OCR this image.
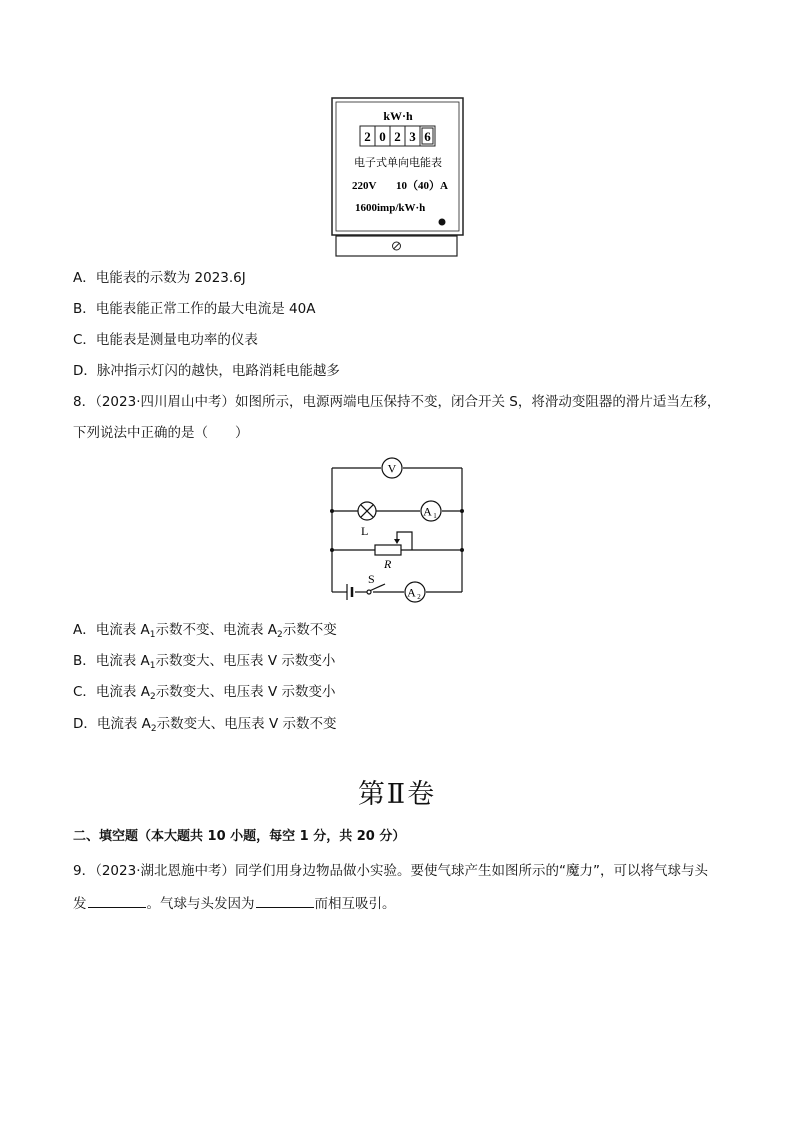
kW·h
2 0 2 3 6
电子式单向电能表
220V 10（40）A
1600imp/kW·h
A．电能表的示数为 2023.6J
B．电能表能正常工作的最大电流是 40A
C．电能表是测量电功率的仪表
D．脉冲指示灯闪的越快，电路消耗电能越多
8．（2023·四川眉山中考）如图所示，电源两端电压保持不变，闭合开关 S，将滑动变阻器的滑片适当左移，
下列说法中正确的是（　　）
V
L
A 1
R
S
A 2
A．电流表 $A_1$示数不变、电流表 $A_2$示数不变
B．电流表 $A_1$示数变大、电压表 V 示数变小
C．电流表 $A_2$示数变大、电压表 V 示数变小
D．电流表 $A_2$示数变大、电压表 V 示数不变
第Ⅱ卷
二、填空题（本大题共 10 小题，每空 1 分，共 20 分）
9．（2023·湖北恩施中考）同学们用身边物品做小实验。要使气球产生如图所示的“魔力”，可以将气球与头
发	。气球与头发因为	而相互吸引。
